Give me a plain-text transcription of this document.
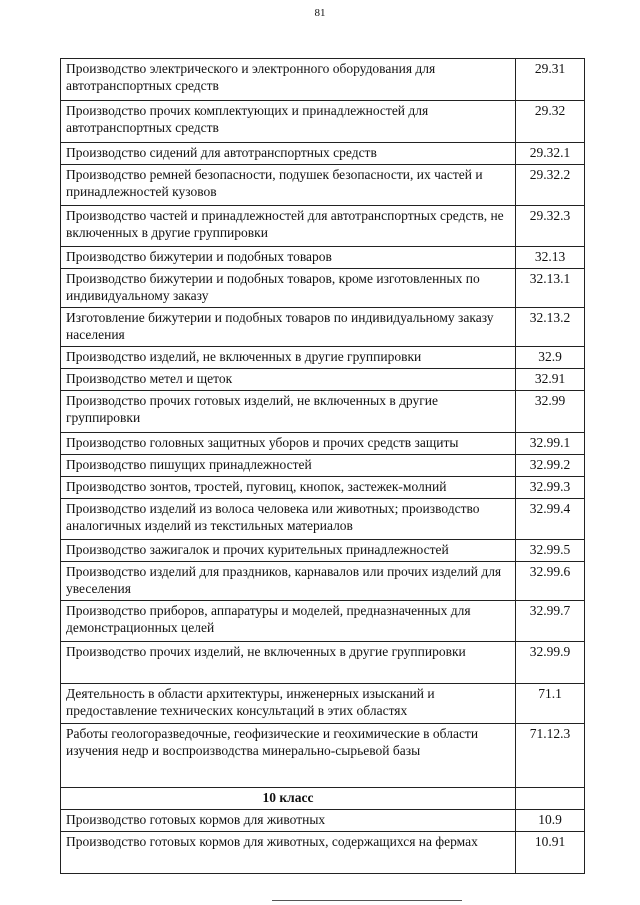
81
Производство электрического и электронного оборудования для автотранспортных средств	29.31
Производство прочих комплектующих и принадлежностей для автотранспортных средств	29.32
Производство сидений для автотранспортных средств	29.32.1
Производство ремней безопасности, подушек безопасности, их частей и принадлежностей кузовов	29.32.2
Производство частей и принадлежностей для автотранспортных средств, не включенных в другие группировки	29.32.3
Производство бижутерии и подобных товаров	32.13
Производство бижутерии и подобных товаров, кроме изготовленных по индивидуальному заказу	32.13.1
Изготовление бижутерии и подобных товаров по индивидуальному заказу населения	32.13.2
Производство изделий, не включенных в другие группировки	32.9
Производство метел и щеток	32.91
Производство прочих готовых изделий, не включенных в другие группировки	32.99
Производство головных защитных уборов и прочих средств защиты	32.99.1
Производство пишущих принадлежностей	32.99.2
Производство зонтов, тростей, пуговиц, кнопок, застежек-молний	32.99.3
Производство изделий из волоса человека или животных; производство аналогичных изделий из текстильных материалов	32.99.4
Производство зажигалок и прочих курительных принадлежностей	32.99.5
Производство изделий для праздников, карнавалов или прочих изделий для увеселения	32.99.6
Производство приборов, аппаратуры и моделей, предназначенных для демонстрационных целей	32.99.7
Производство прочих изделий, не включенных в другие группировки	32.99.9
Деятельность в области архитектуры, инженерных изысканий и предоставление технических консультаций в этих областях	71.1
Работы геологоразведочные, геофизические и геохимические в области изучения недр и воспроизводства минерально-сырьевой базы	71.12.3
10 класс	
Производство готовых кормов для животных	10.9
Производство готовых кормов для животных, содержащихся на фермах	10.91
